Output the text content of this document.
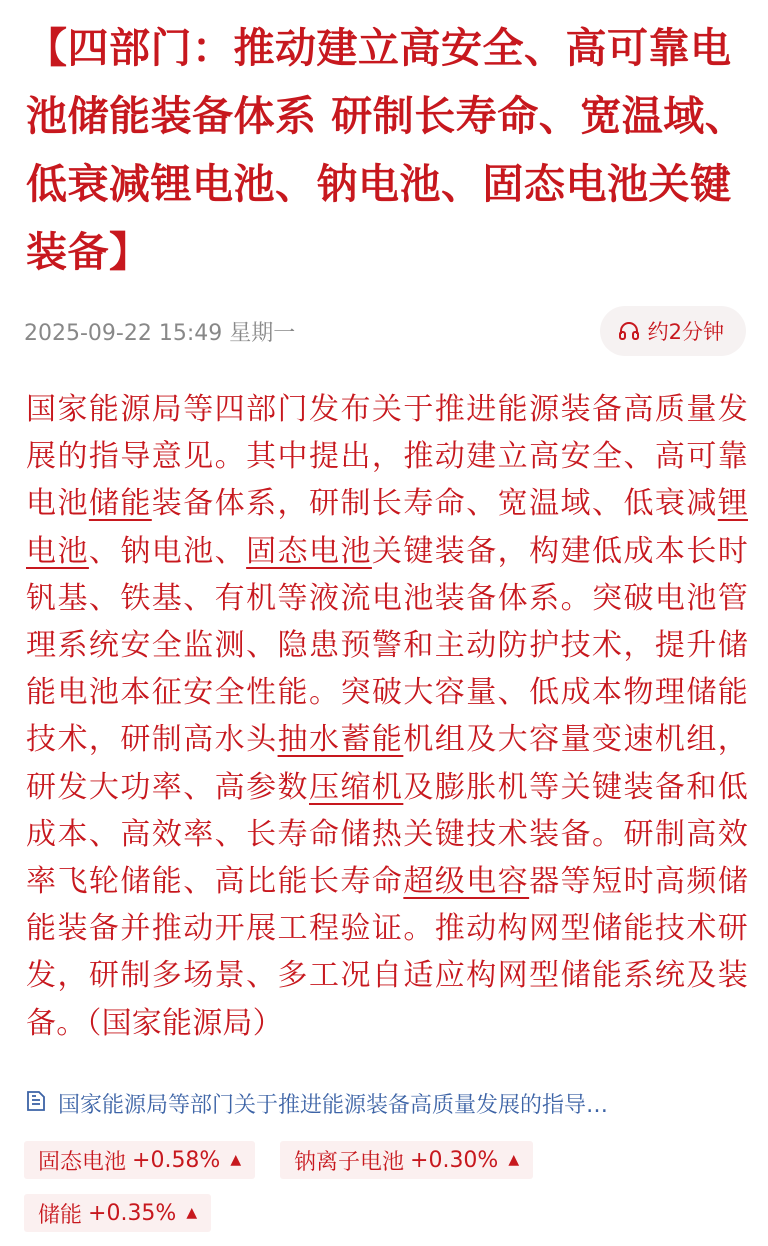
【四部门：推动建立高安全、高可靠电池储能装备体系 研制长寿命、宽温域、低衰减锂电池、钠电池、固态电池关键装备】
2025-09-22 15:49 星期一	约2分钟

国家能源局等四部门发布关于推进能源装备高质量发展的指导意见。其中提出，推动建立高安全、高可靠电池储能装备体系，研制长寿命、宽温域、低衰减锂电池、钠电池、固态电池关键装备，构建低成本长时钒基、铁基、有机等液流电池装备体系。突破电池管理系统安全监测、隐患预警和主动防护技术，提升储能电池本征安全性能。突破大容量、低成本物理储能技术，研制高水头抽水蓄能机组及大容量变速机组，研发大功率、高参数压缩机及膨胀机等关键装备和低成本、高效率、长寿命储热关键技术装备。研制高效率飞轮储能、高比能长寿命超级电容器等短时高频储能装备并推动开展工程验证。推动构网型储能技术研发，研制多场景、多工况自适应构网型储能系统及装备。（国家能源局）

国家能源局等部门关于推进能源装备高质量发展的指导…
固态电池 +0.58% ▲ 钠离子电池 +0.30% ▲
储能 +0.35% ▲
